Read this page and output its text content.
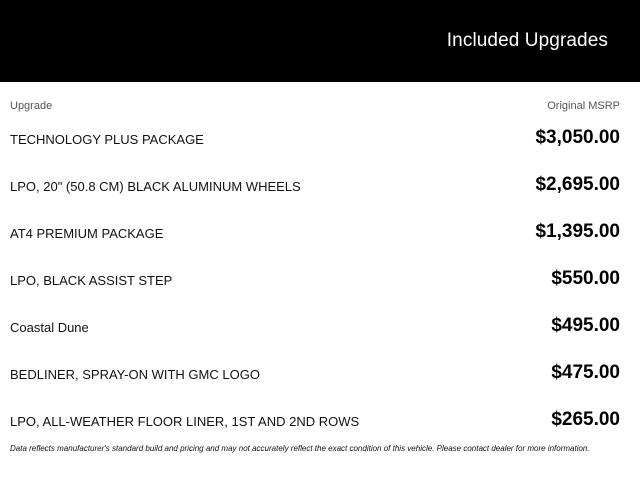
Included Upgrades
Upgrade	Original MSRP
TECHNOLOGY PLUS PACKAGE	$3,050.00
LPO, 20" (50.8 CM) BLACK ALUMINUM WHEELS	$2,695.00
AT4 PREMIUM PACKAGE	$1,395.00
LPO, BLACK ASSIST STEP	$550.00
Coastal Dune	$495.00
BEDLINER, SPRAY-ON WITH GMC LOGO	$475.00
LPO, ALL-WEATHER FLOOR LINER, 1ST AND 2ND ROWS	$265.00
Data reflects manufacturer's standard build and pricing and may not accurately reflect the exact condition of this vehicle. Please contact dealer for more information.
